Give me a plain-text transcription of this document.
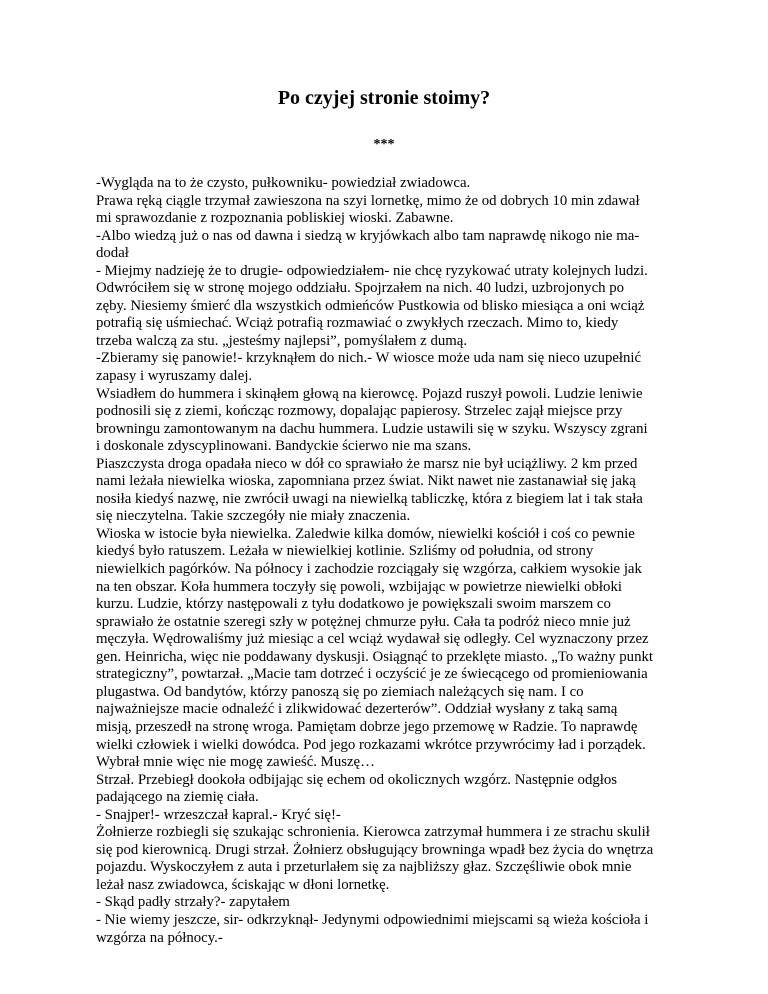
Po czyjej stronie stoimy?
***
-Wygląda na to że czysto, pułkowniku- powiedział zwiadowca.
Prawa ręką ciągle trzymał zawieszona na szyi lornetkę, mimo że od dobrych 10 min zdawał
mi sprawozdanie z rozpoznania pobliskiej wioski. Zabawne.
-Albo wiedzą już o nas od dawna i siedzą w kryjówkach albo tam naprawdę nikogo nie ma-
dodał
- Miejmy nadzieję że to drugie- odpowiedziałem- nie chcę ryzykować utraty kolejnych ludzi.
Odwróciłem się w stronę mojego oddziału. Spojrzałem na nich. 40 ludzi, uzbrojonych po
zęby. Niesiemy śmierć dla wszystkich odmieńców Pustkowia od blisko miesiąca a oni wciąż
potrafią się uśmiechać. Wciąż potrafią rozmawiać o zwykłych rzeczach. Mimo to, kiedy
trzeba walczą za stu. „jesteśmy najlepsi”, pomyślałem z dumą.
-Zbieramy się panowie!- krzyknąłem do nich.- W wiosce może uda nam się nieco uzupełnić
zapasy i wyruszamy dalej.
Wsiadłem do hummera i skinąłem głową na kierowcę. Pojazd ruszył powoli. Ludzie leniwie
podnosili się z ziemi, kończąc rozmowy, dopalając papierosy. Strzelec zajął miejsce przy
browningu zamontowanym na dachu hummera. Ludzie ustawili się w szyku. Wszyscy zgrani
i doskonale zdyscyplinowani. Bandyckie ścierwo nie ma szans.
Piaszczysta droga opadała nieco w dół co sprawiało że marsz nie był uciążliwy. 2 km przed
nami leżała niewielka wioska, zapomniana przez świat. Nikt nawet nie zastanawiał się jaką
nosiła kiedyś nazwę, nie zwrócił uwagi na niewielką tabliczkę, która z biegiem lat i tak stała
się nieczytelna. Takie szczegóły nie miały znaczenia.
Wioska w istocie była niewielka. Zaledwie kilka domów, niewielki kościół i coś co pewnie
kiedyś było ratuszem. Leżała w niewielkiej kotlinie. Szliśmy od południa, od strony
niewielkich pagórków. Na północy i zachodzie rozciągały się wzgórza, całkiem wysokie jak
na ten obszar. Koła hummera toczyły się powoli, wzbijając w powietrze niewielki obłoki
kurzu. Ludzie, którzy następowali z tyłu dodatkowo je powiększali swoim marszem co
sprawiało że ostatnie szeregi szły w potężnej chmurze pyłu. Cała ta podróż nieco mnie już
męczyła. Wędrowaliśmy już miesiąc a cel wciąż wydawał się odległy. Cel wyznaczony przez
gen. Heinricha, więc nie poddawany dyskusji. Osiągnąć to przeklęte miasto. „To ważny punkt
strategiczny”, powtarzał. „Macie tam dotrzeć i oczyścić je ze świecącego od promieniowania
plugastwa. Od bandytów, którzy panoszą się po ziemiach należących się nam. I co
najważniejsze macie odnaleźć i zlikwidować dezerterów”. Oddział wysłany z taką samą
misją, przeszedł na stronę wroga. Pamiętam dobrze jego przemowę w Radzie. To naprawdę
wielki człowiek i wielki dowódca. Pod jego rozkazami wkrótce przywrócimy ład i porządek.
Wybrał mnie więc nie mogę zawieść. Muszę…
Strzał. Przebiegł dookoła odbijając się echem od okolicznych wzgórz. Następnie odgłos
padającego na ziemię ciała.
- Snajper!- wrzeszczał kapral.- Kryć się!-
Żołnierze rozbiegli się szukając schronienia. Kierowca zatrzymał hummera i ze strachu skulił
się pod kierownicą. Drugi strzał. Żołnierz obsługujący browninga wpadł bez życia do wnętrza
pojazdu. Wyskoczyłem z auta i przeturlałem się za najbliższy głaz. Szczęśliwie obok mnie
leżał nasz zwiadowca, ściskając w dłoni lornetkę.
- Skąd padły strzały?- zapytałem
- Nie wiemy jeszcze, sir- odkrzyknął- Jedynymi odpowiednimi miejscami są wieża kościoła i
wzgórza na północy.-
